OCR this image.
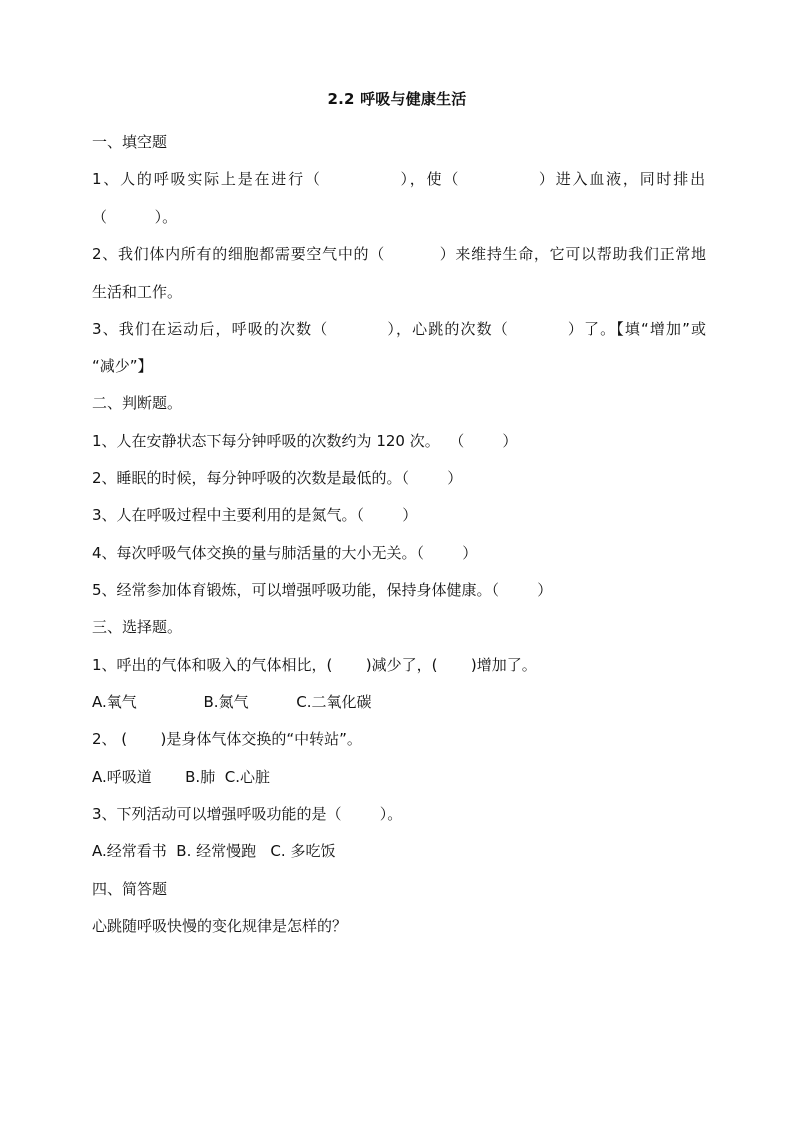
2.2 呼吸与健康生活
一、填空题
1、人的呼吸实际上是在进行（            ），使（            ）进入血液，同时排出
（          ）。
2、我们体内所有的细胞都需要空气中的（          ）来维持生命，它可以帮助我们正常地
生活和工作。
3、我们在运动后，呼吸的次数（          ），心跳的次数（          ）了。【填“增加”或
“减少”】
二、判断题。
1、人在安静状态下每分钟呼吸的次数约为 120 次。  （        ）
2、睡眠的时候，每分钟呼吸的次数是最低的。（        ）
3、人在呼吸过程中主要利用的是氮气。（        ）
4、每次呼吸气体交换的量与肺活量的大小无关。（        ）
5、经常参加体育锻炼，可以增强呼吸功能，保持身体健康。（        ）
三、选择题。
1、呼出的气体和吸入的气体相比，(       )减少了，(       )增加了。
A.氧气              B.氮气          C.二氧化碳
2、 (       )是身体气体交换的“中转站”。
A.呼吸道       B.肺  C.心脏
3、下列活动可以增强呼吸功能的是（        ）。
A.经常看书  B. 经常慢跑   C. 多吃饭
四、简答题
心跳随呼吸快慢的变化规律是怎样的？
